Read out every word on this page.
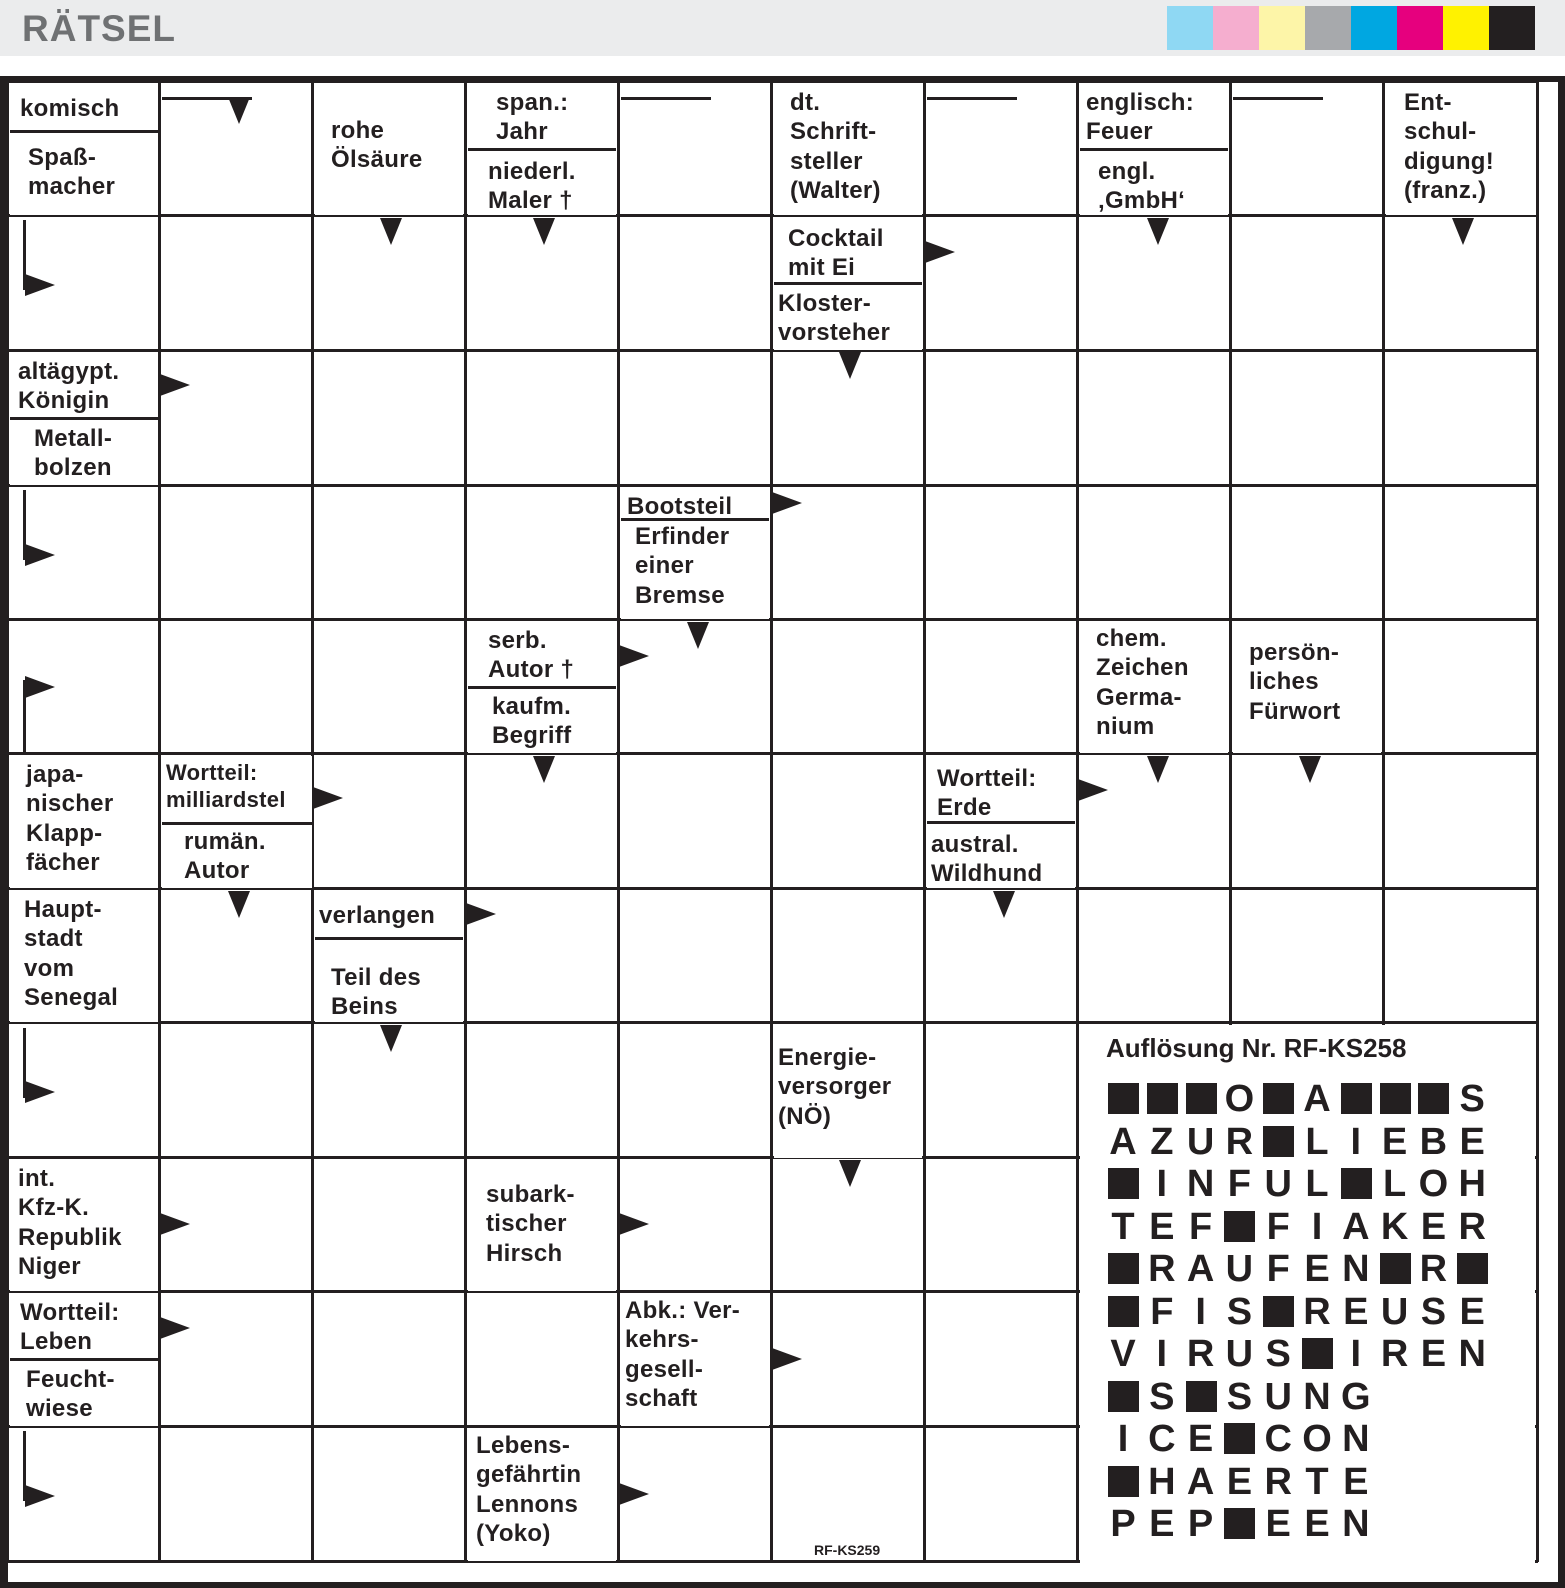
RÄTSEL
komisch
Spaß-
macher
rohe
Ölsäure
span.:
Jahr
niederl.
Maler †
dt.
Schrift-
steller
(Walter)
englisch:
Feuer
engl.
‚GmbH‘
Ent-
schul-
digung!
(franz.)
Cocktail
mit Ei
Kloster-
vorsteher
altägypt.
Königin
Metall-
bolzen
Bootsteil
Erfinder
einer
Bremse
serb.
Autor †
kaufm.
Begriff
chem.
Zeichen
Germa-
nium
persön-
liches
Fürwort
japa-
nischer
Klapp-
fächer
Wortteil:
milliardstel
rumän.
Autor
Wortteil:
Erde
austral.
Wildhund
Haupt-
stadt
vom
Senegal
verlangen
Teil des
Beins
Energie-
versorger
(NÖ)
int.
Kfz-K.
Republik
Niger
subark-
tischer
Hirsch
Wortteil:
Leben
Feucht-
wiese
Abk.: Ver-
kehrs-
gesell-
schaft
Lebens-
gefährtin
Lennons
(Yoko)
Auflösung Nr. RF-KS258
O A	S
A Z U R L I E B E
I N F U L L O H
T E F F I A K E R
R A U F E N R
F I S R E U S E
V I R U S	I R E N
S S U N G
I C E C O N
H A E R T E
P E P E E N
RF-KS259
